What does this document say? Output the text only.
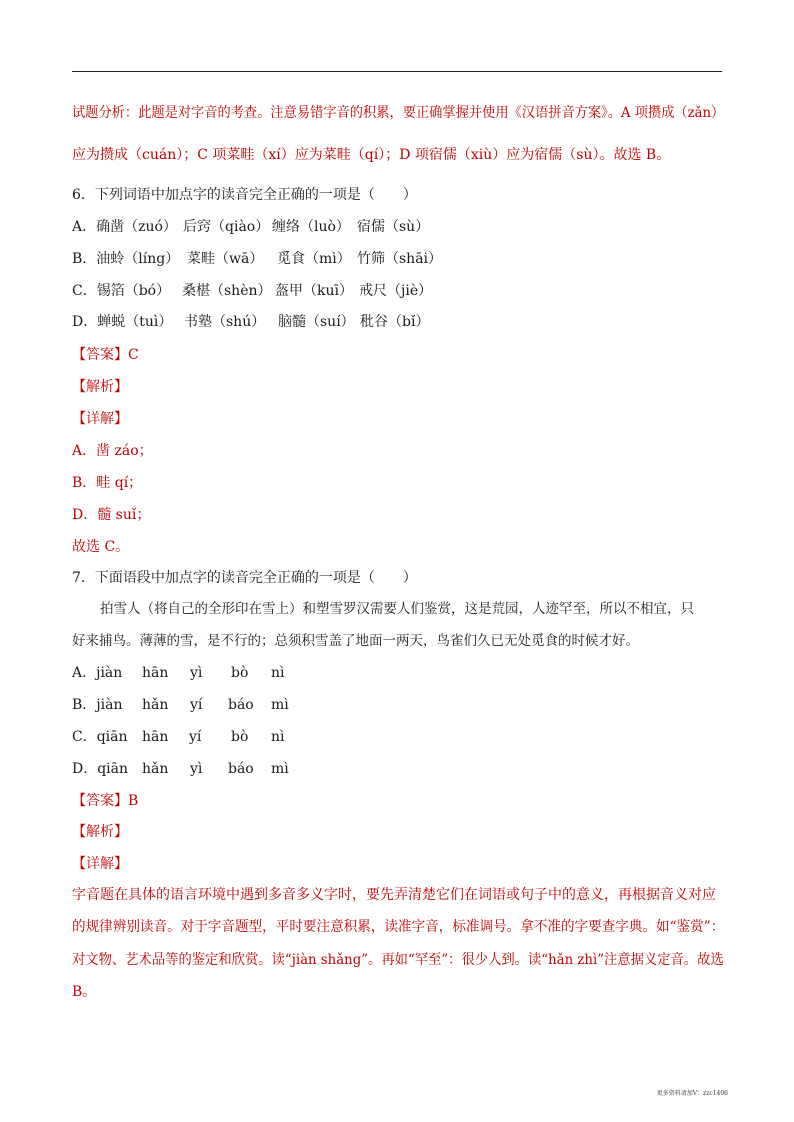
试题分析：此题是对字音的考查。注意易错字音的积累，要正确掌握并使用《汉语拼音方案》。A 项攒成（zǎn）
应为攒成（cuán）；C 项菜畦（xí）应为菜畦（qí）；D 项宿儒（xiù）应为宿儒（sù）。故选 B。
6．下列词语中加点字的读音完全正确的一项是（　　）
A．确凿（zuó） 后窍（qiào） 缠络（luò） 宿儒（sù）
B．油蛉（líng） 菜畦（wā） 觅食（mì） 竹筛（shāi）
C．锡箔（bó） 桑椹（shèn） 盔甲（kuī） 戒尺（jiè）
D．蝉蜕（tuì） 书塾（shú） 脑髓（suí） 秕谷（bǐ）
【答案】C
【解析】
【详解】
A．凿 záo；
B．畦 qí；
D．髓 suǐ；
故选 C。
7．下面语段中加点字的读音完全正确的一项是（　　）
拍雪人（将自己的全形印在雪上）和塑雪罗汉需要人们鉴赏，这是荒园，人迹罕至，所以不相宜，只
好来捕鸟。薄薄的雪，是不行的；总须积雪盖了地面一两天，鸟雀们久已无处觅食的时候才好。
A．jiàn hān yì bò nì
B．jiàn hǎn yí báo mì
C．qiān hān yí bò nì
D．qiān hǎn yì báo mì
【答案】B
【解析】
【详解】
字音题在具体的语言环境中遇到多音多义字时，要先弄清楚它们在词语或句子中的意义，再根据音义对应
的规律辨别读音。对于字音题型，平时要注意积累，读准字音，标准调号。拿不准的字要查字典。如“鉴赏”：
对文物、艺术品等的鉴定和欣赏。读“jiàn shǎng”。再如“罕至”：很少人到。读“hǎn zhì”注意据义定音。故选
B。
更多资料请加V：zzc1406
